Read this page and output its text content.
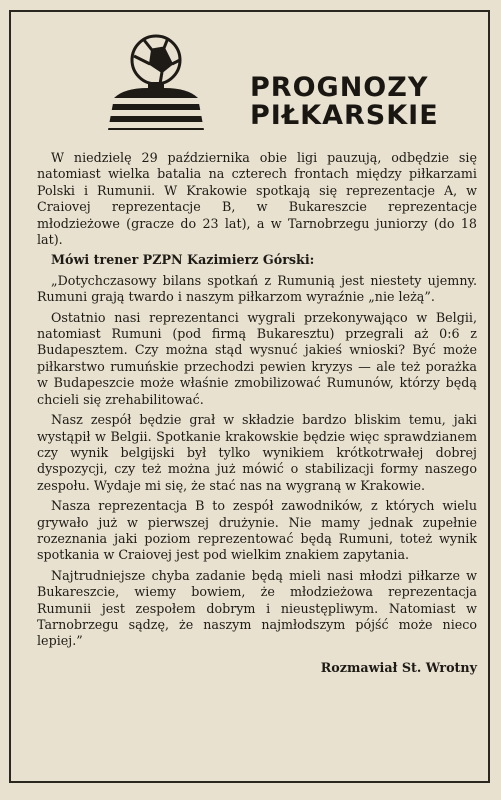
PROGNOZY
PIŁKARSKIE

W niedzielę 29 października obie ligi pauzują, odbędzie się natomiast wielka batalia na czterech frontach między piłkarzami Polski i Rumunii. W Krakowie spotkają się reprezentacje A, w Craiovej reprezentacje B, w Bukareszcie reprezentacje młodzieżowe (gracze do 23 lat), a w Tarnobrzegu juniorzy (do 18 lat).

Mówi trener PZPN Kazimierz Górski:

„Dotychczasowy bilans spotkań z Rumunią jest niestety ujemny. Rumuni grają twardo i naszym piłkarzom wyraźnie „nie leżą”.

Ostatnio nasi reprezentanci wygrali przekonywająco w Belgii, natomiast Rumuni (pod firmą Bukaresztu) przegrali aż 0:6 z Budapesztem. Czy można stąd wysnuć jakieś wnioski? Być może piłkarstwo rumuńskie przechodzi pewien kryzys — ale też porażka w Budapeszcie może właśnie zmobilizować Rumunów, którzy będą chcieli się zrehabilitować.

Nasz zespół będzie grał w składzie bardzo bliskim temu, jaki wystąpił w Belgii. Spotkanie krakowskie będzie więc sprawdzianem czy wynik belgijski był tylko wynikiem krótkotrwałej dobrej dyspozycji, czy też można już mówić o stabilizacji formy naszego zespołu. Wydaje mi się, że stać nas na wygraną w Krakowie.

Nasza reprezentacja B to zespół zawodników, z których wielu grywało już w pierwszej drużynie. Nie mamy jednak zupełnie rozeznania jaki poziom reprezentować będą Rumuni, toteż wynik spotkania w Craiovej jest pod wielkim znakiem zapytania.

Najtrudniejsze chyba zadanie będą mieli nasi młodzi piłkarze w Bukareszcie, wiemy bowiem, że młodzieżowa reprezentacja Rumunii jest zespołem dobrym i nieustępliwym. Natomiast w Tarnobrzegu sądzę, że naszym najmłodszym pójść może nieco lepiej.”

Rozmawiał St. Wrotny
